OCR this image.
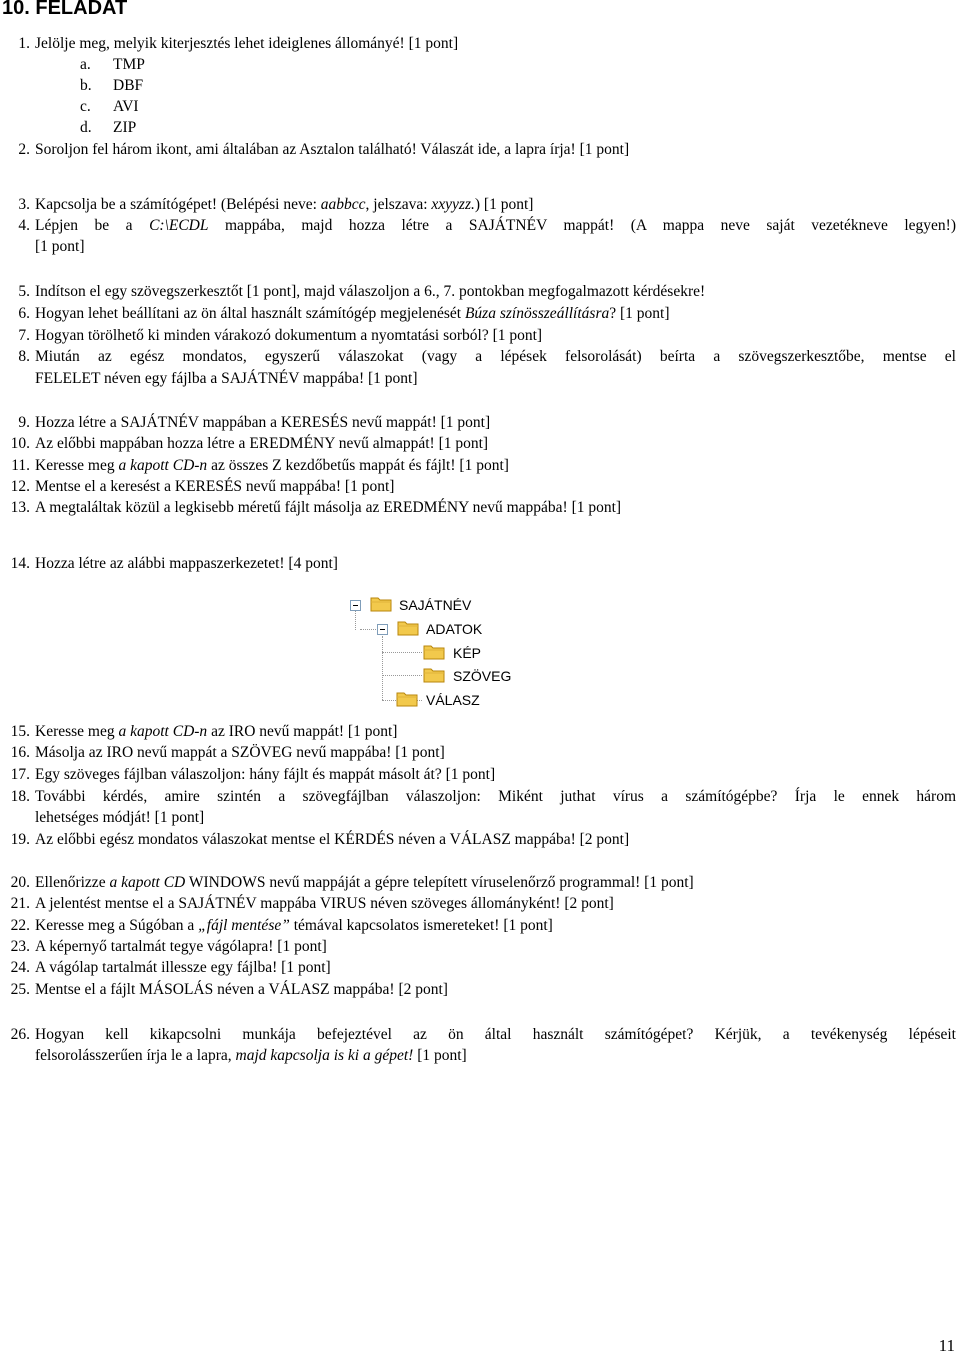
10. FELADAT
1. Jelölje meg, melyik kiterjesztés lehet ideiglenes állományé! [1 pont]
a. TMP
b. DBF
c. AVI
d. ZIP
2. Soroljon fel három ikont, ami általában az Asztalon található! Válaszát ide, a lapra írja! [1 pont]
3. Kapcsolja be a számítógépet! (Belépési neve: aabbcc, jelszava: xxyyzz.) [1 pont]
4. Lépjen be a C:\ECDL mappába, majd hozza létre a SAJÁTNÉV mappát! (A mappa neve saját vezetékneve legyen!)
[1 pont]
5. Indítson el egy szövegszerkesztőt [1 pont], majd válaszoljon a 6., 7. pontokban megfogalmazott kérdésekre!
6. Hogyan lehet beállítani az ön által használt számítógép megjelenését Búza színösszeállításra? [1 pont]
7. Hogyan törölhető ki minden várakozó dokumentum a nyomtatási sorból? [1 pont]
8. Miután az egész mondatos, egyszerű válaszokat (vagy a lépések felsorolását) beírta a szövegszerkesztőbe, mentse el
FELELET néven egy fájlba a SAJÁTNÉV mappába! [1 pont]
9. Hozza létre a SAJÁTNÉV mappában a KERESÉS nevű mappát! [1 pont]
10. Az előbbi mappában hozza létre a EREDMÉNY nevű almappát! [1 pont]
11. Keresse meg a kapott CD-n az összes Z kezdőbetűs mappát és fájlt! [1 pont]
12. Mentse el a keresést a KERESÉS nevű mappába! [1 pont]
13. A megtaláltak közül a legkisebb méretű fájlt másolja az EREDMÉNY nevű mappába! [1 pont]
14. Hozza létre az alábbi mappaszerkezetet! [4 pont]
SAJÁTNÉV
ADATOK
KÉP
SZÖVEG
VÁLASZ
15. Keresse meg a kapott CD-n az IRO nevű mappát! [1 pont]
16. Másolja az IRO nevű mappát a SZÖVEG nevű mappába! [1 pont]
17. Egy szöveges fájlban válaszoljon: hány fájlt és mappát másolt át? [1 pont]
18. További kérdés, amire szintén a szövegfájlban válaszoljon: Miként juthat vírus a számítógépbe? Írja le ennek három
lehetséges módját! [1 pont]
19. Az előbbi egész mondatos válaszokat mentse el KÉRDÉS néven a VÁLASZ mappába! [2 pont]
20. Ellenőrizze a kapott CD WINDOWS nevű mappáját a gépre telepített víruselenőrző programmal! [1 pont]
21. A jelentést mentse el a SAJÁTNÉV mappába VIRUS néven szöveges állományként! [2 pont]
22. Keresse meg a Súgóban a „fájl mentése” témával kapcsolatos ismereteket! [1 pont]
23. A képernyő tartalmát tegye vágólapra! [1 pont]
24. A vágólap tartalmát illessze egy fájlba! [1 pont]
25. Mentse el a fájlt MÁSOLÁS néven a VÁLASZ mappába! [2 pont]
26. Hogyan kell kikapcsolni munkája befejeztével az ön által használt számítógépet? Kérjük, a tevékenység lépéseit
felsorolásszerűen írja le a lapra, majd kapcsolja is ki a gépet! [1 pont]
11
